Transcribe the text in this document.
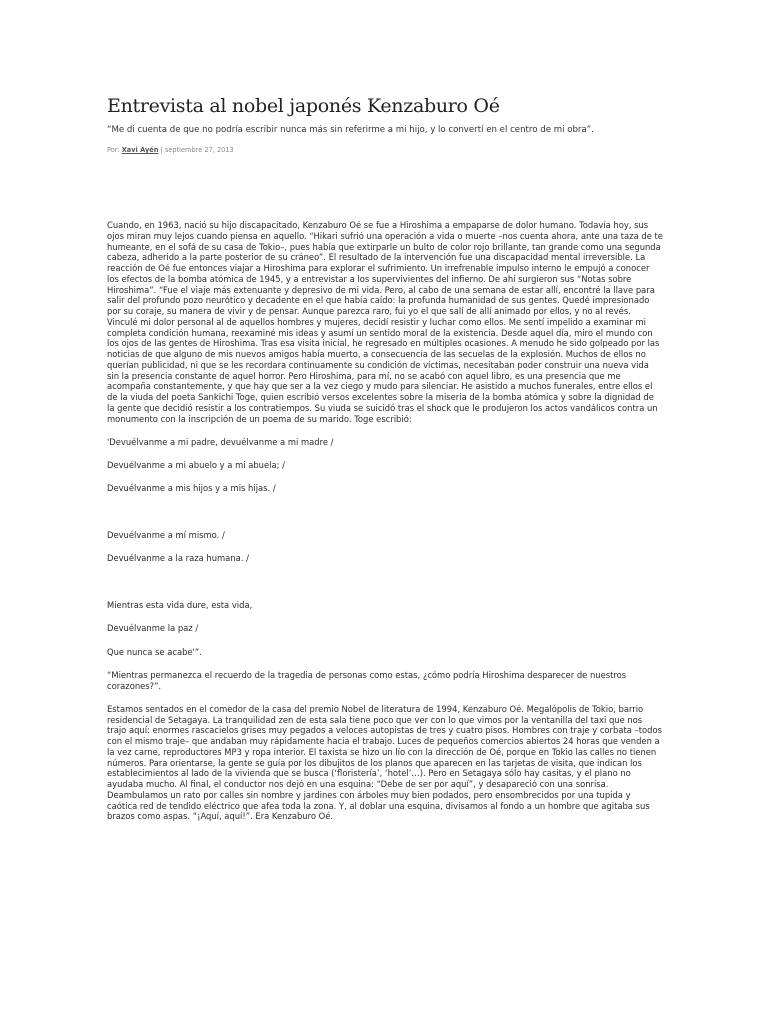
Entrevista al nobel japonés Kenzaburo Oé

“Me di cuenta de que no podría escribir nunca más sin referirme a mi hijo, y lo convertí en el centro de mi obra”.

Por: Xavi Ayén | septiembre 27, 2013

Cuando, en 1963, nació su hijo discapacitado, Kenzaburo Oé se fue a Hiroshima a empaparse de dolor humano. Todavía hoy, sus ojos miran muy lejos cuando piensa en aquello. “Hikari sufrió una operación a vida o muerte –nos cuenta ahora, ante una taza de te humeante, en el sofá de su casa de Tokio–, pues había que extirparle un bulto de color rojo brillante, tan grande como una segunda cabeza, adherido a la parte posterior de su cráneo”. El resultado de la intervención fue una discapacidad mental irreversible. La reacción de Oé fue entonces viajar a Hiroshima para explorar el sufrimiento. Un irrefrenable impulso interno le empujó a conocer los efectos de la bomba atómica de 1945, y a entrevistar a los supervivientes del infierno. De ahí surgieron sus “Notas sobre Hiroshima”. “Fue el viaje más extenuante y depresivo de mi vida. Pero, al cabo de una semana de estar allí, encontré la llave para salir del profundo pozo neurótico y decadente en el que había caído: la profunda humanidad de sus gentes. Quedé impresionado por su coraje, su manera de vivir y de pensar. Aunque parezca raro, fui yo el que salí de allí animado por ellos, y no al revés. Vinculé mi dolor personal al de aquellos hombres y mujeres, decidí resistir y luchar como ellos. Me sentí impelido a examinar mi completa condición humana, reexaminé mis ideas y asumí un sentido moral de la existencia. Desde aquel día, miro el mundo con los ojos de las gentes de Hiroshima. Tras esa visita inicial, he regresado en múltiples ocasiones. A menudo he sido golpeado por las noticias de que alguno de mis nuevos amigos había muerto, a consecuencia de las secuelas de la explosión. Muchos de ellos no querían publicidad, ni que se les recordara continuamente su condición de víctimas, necesitaban poder construir una nueva vida sin la presencia constante de aquel horror. Pero Hiroshima, para mí, no se acabó con aquel libro, es una presencia que me acompaña constantemente, y que hay que ser a la vez ciego y mudo para silenciar. He asistido a muchos funerales, entre ellos el de la viuda del poeta Sankichi Toge, quien escribió versos excelentes sobre la miseria de la bomba atómica y sobre la dignidad de la gente que decidió resistir a los contratiempos. Su viuda se suicidó tras el shock que le produjeron los actos vandálicos contra un monumento con la inscripción de un poema de su marido. Toge escribió:

'Devuélvanme a mi padre, devuélvanme a mi madre /

Devuélvanme a mi abuelo y a mi abuela; /

Devuélvanme a mis hijos y a mis hijas. /

Devuélvanme a mí mismo. /

Devuélvanme a la raza humana. /

Mientras esta vida dure, esta vida,

Devuélvanme la paz /

Que nunca se acabe'”.

“Mientras permanezca el recuerdo de la tragedia de personas como estas, ¿cómo podría Hiroshima desparecer de nuestros corazones?”.

Estamos sentados en el comedor de la casa del premio Nobel de literatura de 1994, Kenzaburo Oé. Megalópolis de Tokio, barrio residencial de Setagaya. La tranquilidad zen de esta sala tiene poco que ver con lo que vimos por la ventanilla del taxi que nos trajo aquí: enormes rascacielos grises muy pegados a veloces autopistas de tres y cuatro pisos. Hombres con traje y corbata –todos con el mismo traje– que andaban muy rápidamente hacia el trabajo. Luces de pequeños comercios abiertos 24 horas que venden a la vez carne, reproductores MP3 y ropa interior. El taxista se hizo un lío con la dirección de Oé, porque en Tokio las calles no tienen números. Para orientarse, la gente se guía por los dibujitos de los planos que aparecen en las tarjetas de visita, que indican los establecimientos al lado de la vivienda que se busca (‘floristería’, ‘hotel’…). Pero en Setagaya sólo hay casitas, y el plano no ayudaba mucho. Al final, el conductor nos dejó en una esquina: “Debe de ser por aquí”, y desapareció con una sonrisa. Deambulamos un rato por calles sin nombre y jardines con árboles muy bien podados, pero ensombrecidos por una tupida y caótica red de tendido eléctrico que afea toda la zona. Y, al doblar una esquina, divisamos al fondo a un hombre que agitaba sus brazos como aspas. “¡Aquí, aquí!”. Era Kenzaburo Oé.
